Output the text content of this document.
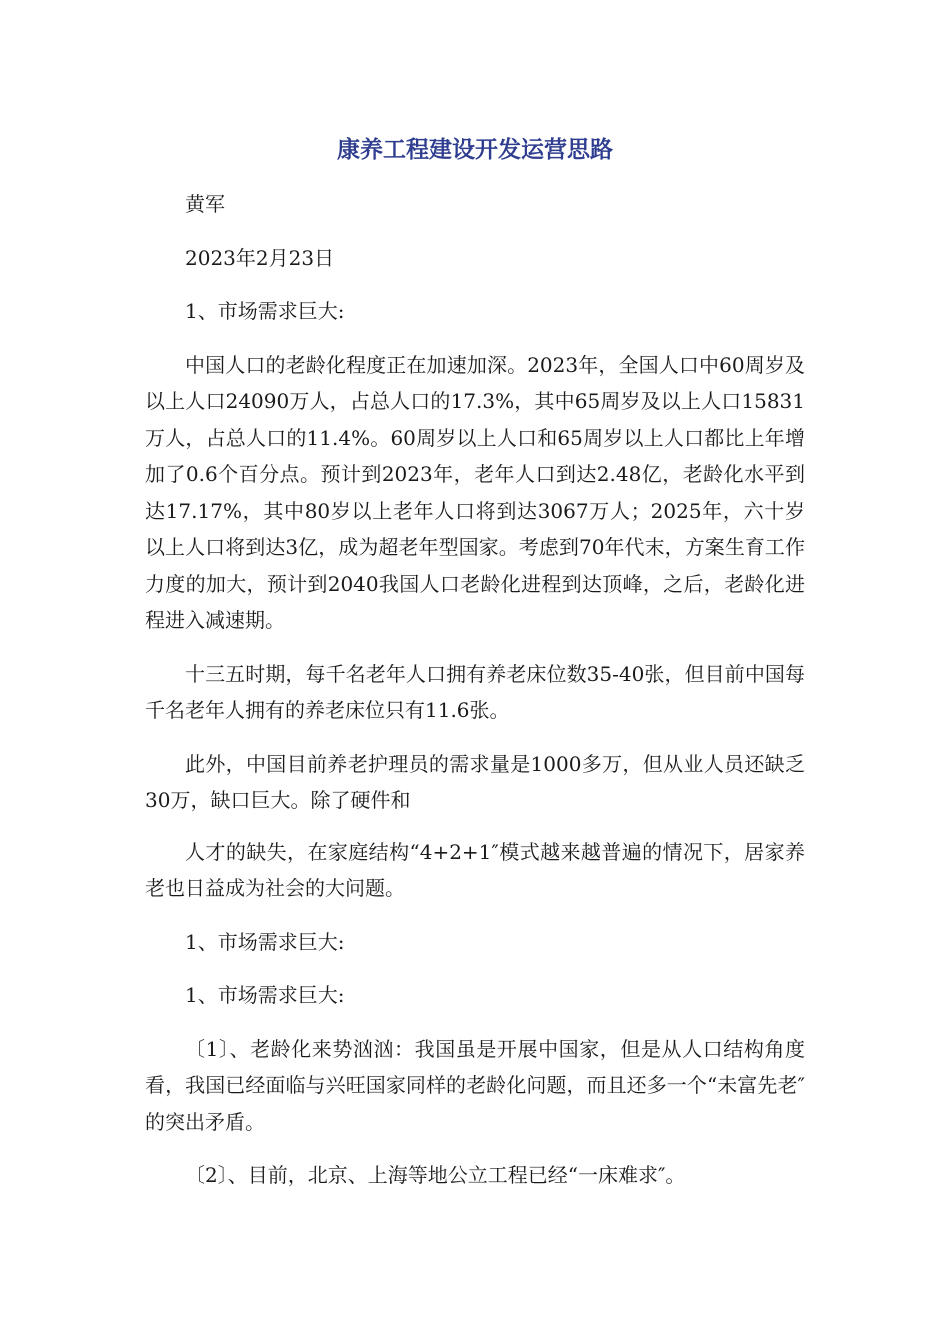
康养工程建设开发运营思路

黄军

2023年2月23日

1、市场需求巨大:

中国人口的老龄化程度正在加速加深。2023年，全国人口中60周岁及以上人口24090万人，占总人口的17.3%，其中65周岁及以上人口15831万人，占总人口的11.4%。60周岁以上人口和65周岁以上人口都比上年增加了0.6个百分点。预计到2023年，老年人口到达2.48亿，老龄化水平到达17.17%，其中80岁以上老年人口将到达3067万人；2025年，六十岁以上人口将到达3亿，成为超老年型国家。考虑到70年代末，方案生育工作力度的加大，预计到2040我国人口老龄化进程到达顶峰，之后，老龄化进程进入减速期。

十三五时期，每千名老年人口拥有养老床位数35-40张，但目前中国每千名老年人拥有的养老床位只有11.6张。

此外，中国目前养老护理员的需求量是1000多万，但从业人员还缺乏30万，缺口巨大。除了硬件和

人才的缺失，在家庭结构“4+2+1″模式越来越普遍的情况下，居家养老也日益成为社会的大问题。

1、市场需求巨大:

1、市场需求巨大:

〔1〕、老龄化来势汹汹：我国虽是开展中国家，但是从人口结构角度看，我国已经面临与兴旺国家同样的老龄化问题，而且还多一个“未富先老″的突出矛盾。

〔2〕、目前，北京、上海等地公立工程已经“一床难求″。
